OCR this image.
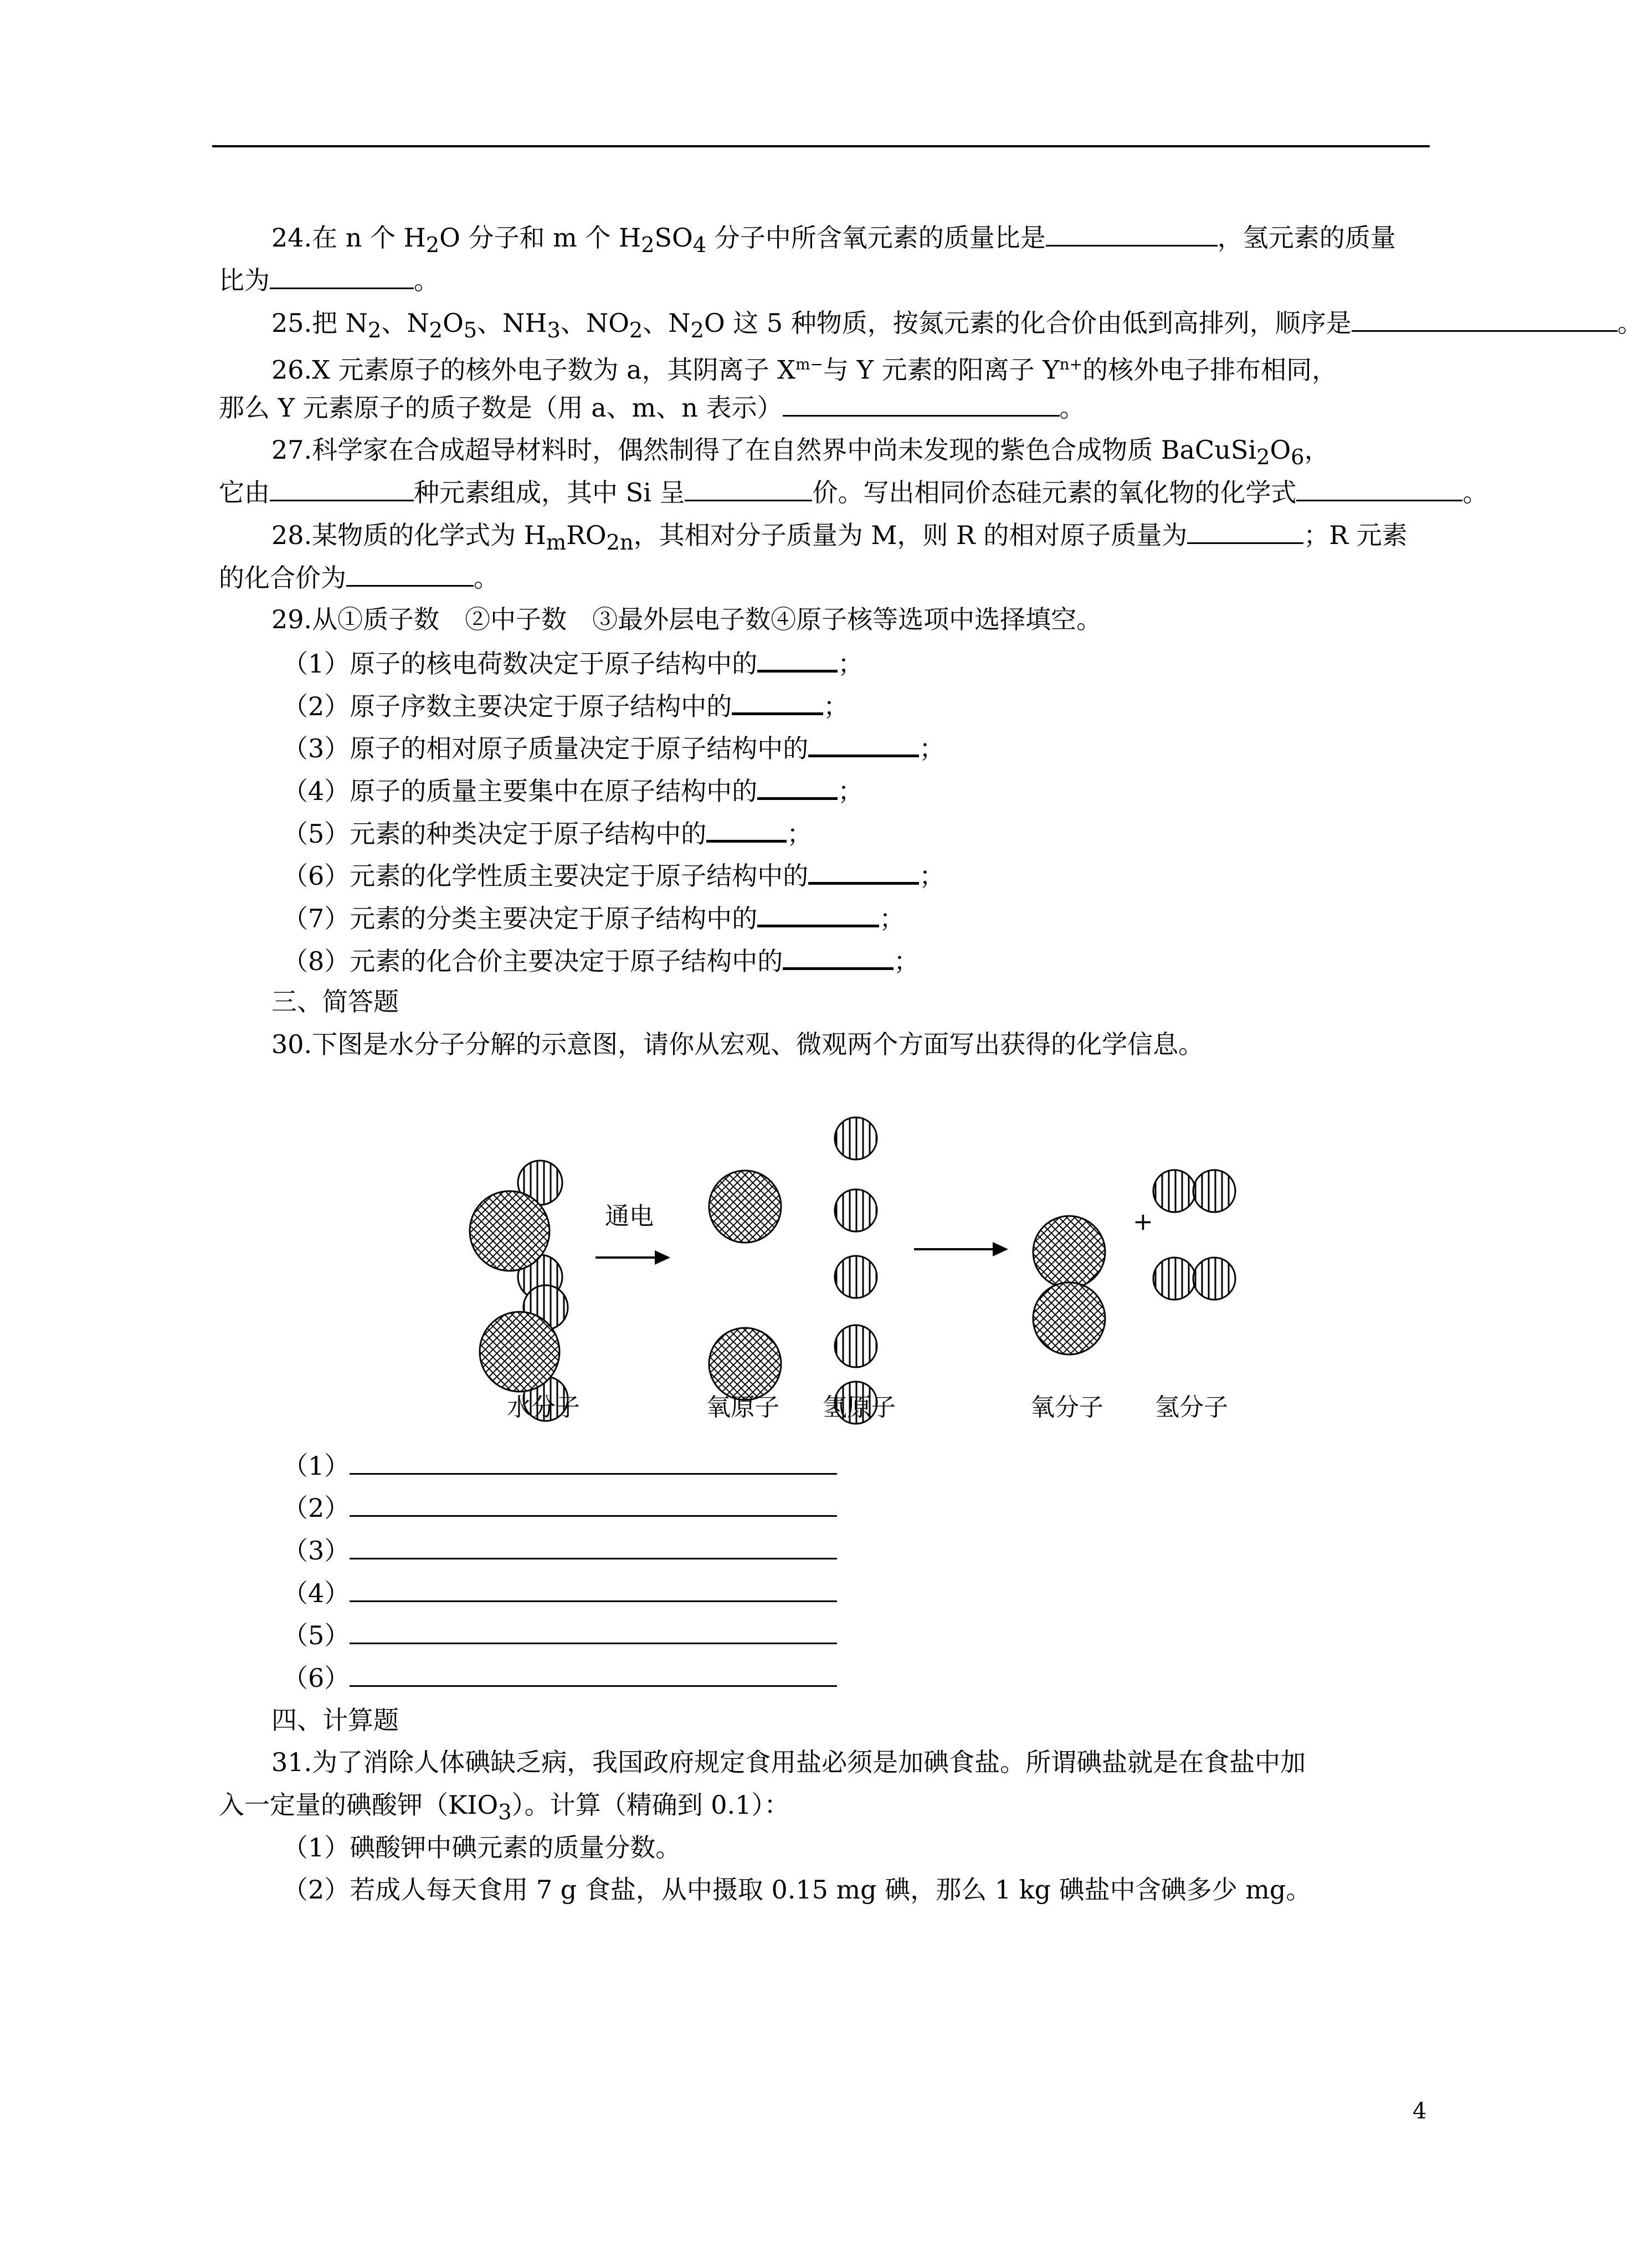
24.在 n 个 $H_2O$ 分子和 m 个 $H_2SO_4$ 分子中所含氧元素的质量比是	，氢元素的质量
比为	。
25.把 $N_2$、$N_2O_5$、$NH_3$、$NO_2$、$N_2O$ 这 5 种物质，按氮元素的化合价由低到高排列，顺序是	。
26.X 元素原子的核外电子数为 a，其阴离子 $X^{m-}$与 Y 元素的阳离子 $Y^{n+}$的核外电子排布相同，
那么 Y 元素原子的质子数是（用 a、m、n 表示）	。
27.科学家在合成超导材料时，偶然制得了在自然界中尚未发现的紫色合成物质 $BaCuSi_2O_6$，
它由	种元素组成，其中 Si 呈	价。写出相同价态硅元素的氧化物的化学式	。
28.某物质的化学式为 $H_mRO_{2n}$，其相对分子质量为 M，则 R 的相对原子质量为	；R 元素
的化合价为	。
29.从①质子数　②中子数　③最外层电子数④原子核等选项中选择填空。
（1）原子的核电荷数决定于原子结构中的	；
（2）原子序数主要决定于原子结构中的	；
（3）原子的相对原子质量决定于原子结构中的	；
（4）原子的质量主要集中在原子结构中的	；
（5）元素的种类决定于原子结构中的	；
（6）元素的化学性质主要决定于原子结构中的	；
（7）元素的分类主要决定于原子结构中的	；
（8）元素的化合价主要决定于原子结构中的	；
三、简答题
30.下图是水分子分解的示意图，请你从宏观、微观两个方面写出获得的化学信息。
通电	+
水分子	氧原子 氢原子	氧分子 氢分子
（1）
（2）
（3）
（4）
（5）
（6）
四、计算题
31.为了消除人体碘缺乏病，我国政府规定食用盐必须是加碘食盐。所谓碘盐就是在食盐中加
入一定量的碘酸钾$(KIO_3)$。计算（精确到 0.1）：
（1）碘酸钾中碘元素的质量分数。
（2）若成人每天食用 7 g 食盐，从中摄取 0.15 mg 碘，那么 1 kg 碘盐中含碘多少 mg。
4
